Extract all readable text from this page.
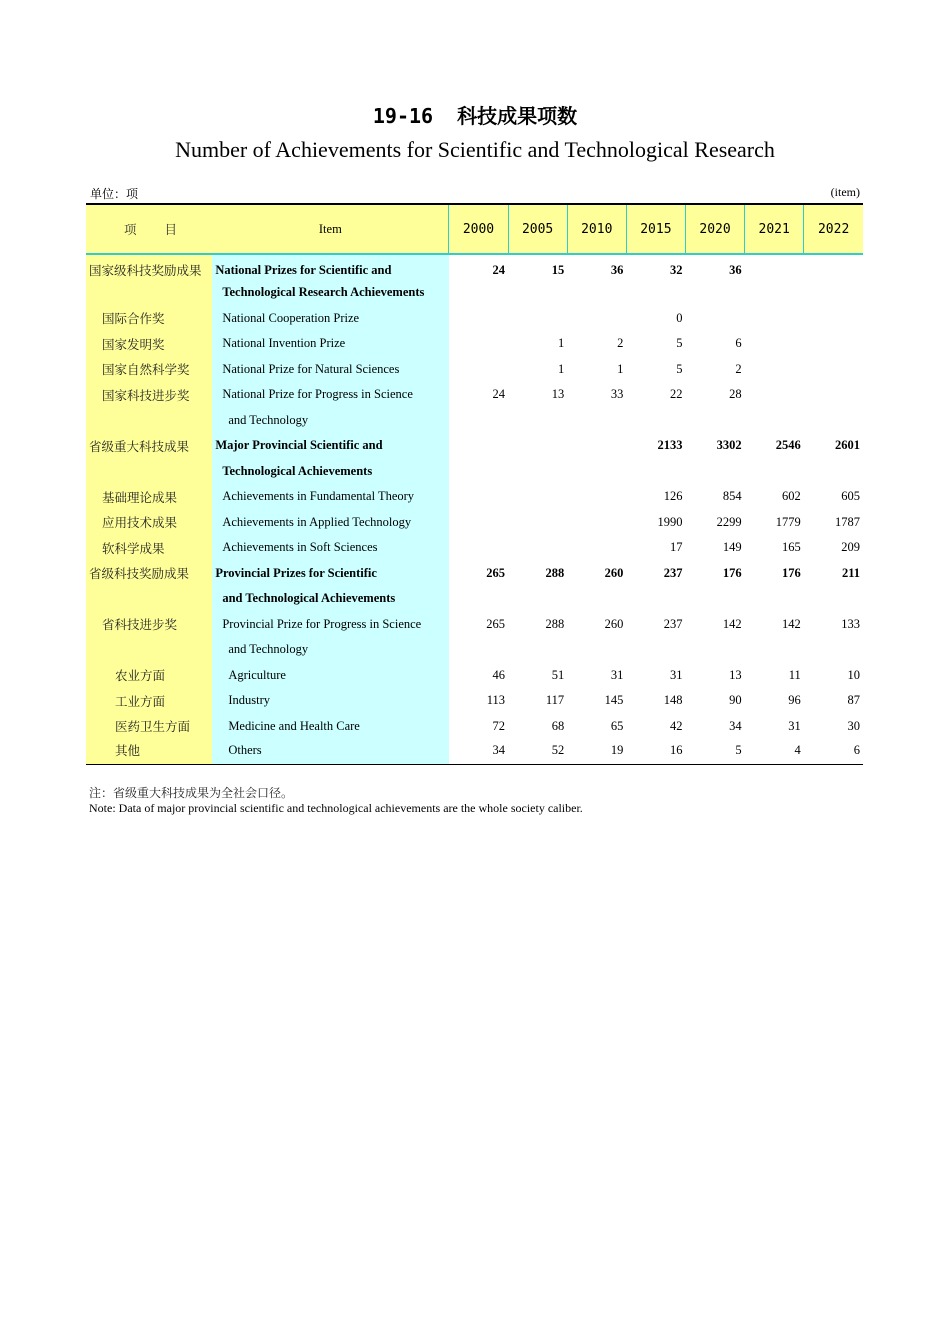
19-16 科技成果项数
Number of Achievements for Scientific and Technological Research
单位：项	(item)
项 目	Item	2000	2005	2010	2015	2020	2021	2022
国家级科技奖励成果	National Prizes for Scientific and	24	15	36	32	36		
	Technological Research Achievements							
国际合作奖	National Cooperation Prize				0			
国家发明奖	National Invention Prize		1	2	5	6		
国家自然科学奖	National Prize for Natural Sciences		1	1	5	2		
国家科技进步奖	National Prize for Progress in Science	24	13	33	22	28		
	and Technology							
省级重大科技成果	Major Provincial Scientific and				2133	3302	2546	2601
	Technological Achievements							
基础理论成果	Achievements in Fundamental Theory				126	854	602	605
应用技术成果	Achievements in Applied Technology				1990	2299	1779	1787
软科学成果	Achievements in Soft Sciences				17	149	165	209
省级科技奖励成果	Provincial Prizes for Scientific	265	288	260	237	176	176	211
	and Technological Achievements							
省科技进步奖	Provincial Prize for Progress in Science	265	288	260	237	142	142	133
	and Technology							
农业方面	Agriculture	46	51	31	31	13	11	10
工业方面	Industry	113	117	145	148	90	96	87
医药卫生方面	Medicine and Health Care	72	68	65	42	34	31	30
其他	Others	34	52	19	16	5	4	6
注：省级重大科技成果为全社会口径。
Note: Data of major provincial scientific and technological achievements are the whole society caliber.
